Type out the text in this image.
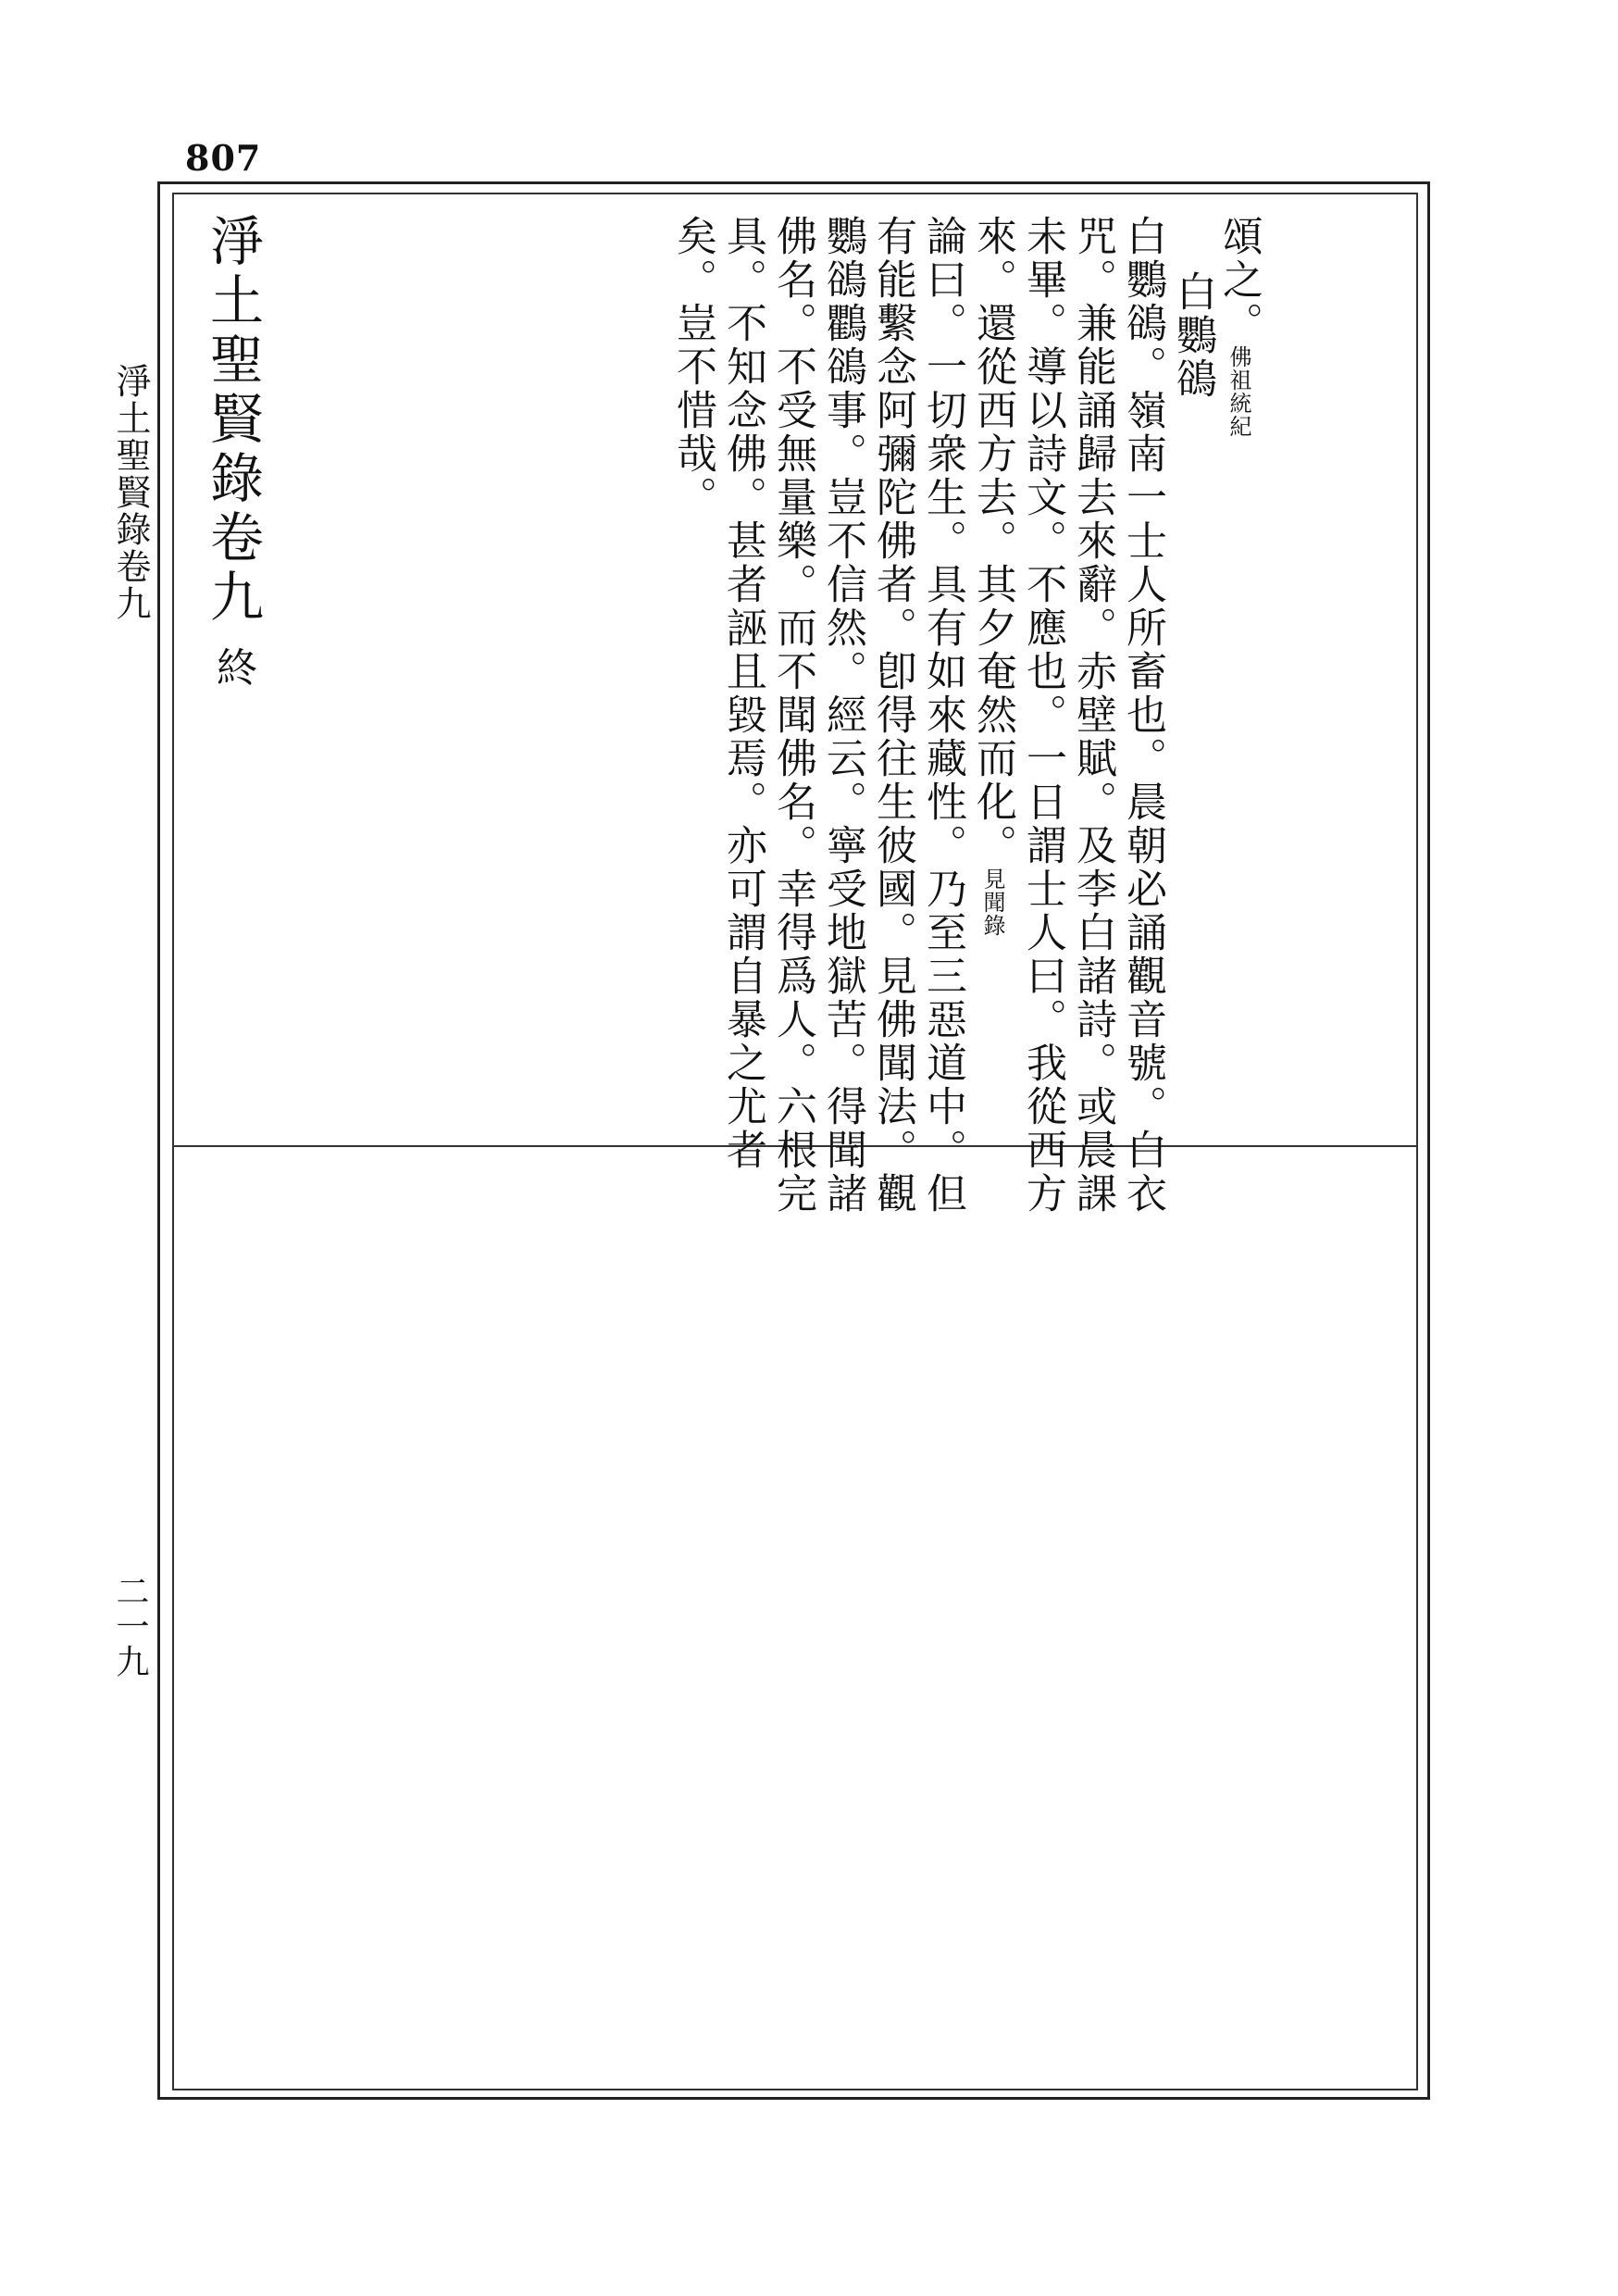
807
淨土聖賢錄卷九
二一九
頌之。佛祖統紀
白鸚鵒
白鸚鵒。嶺南一士人所畜也。晨朝必誦觀音號。白衣
咒。兼能誦歸去來辭。赤壁賦。及李白諸詩。或晨課
未畢。導以詩文。不應也。一日謂士人曰。我從西方
來。還從西方去。其夕奄然而化。見聞錄
論曰。一切衆生。具有如來藏性。乃至三惡道中。但
有能繫念阿彌陀佛者。卽得往生彼國。見佛聞法。觀
鸚鵒鸜鵒事。豈不信然。經云。寧受地獄苦。得聞諸
佛名。不受無量樂。而不聞佛名。幸得爲人。六根完
具。不知念佛。甚者誣且毀焉。亦可謂自暴之尤者
矣。豈不惜哉。
淨土聖賢錄卷九終
